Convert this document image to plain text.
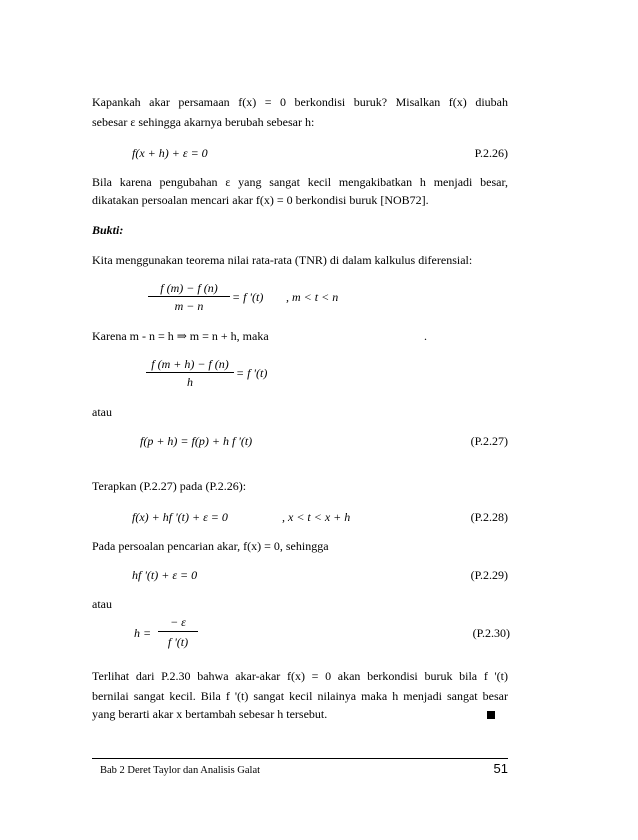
Kapankah akar persamaan f(x) = 0 berkondisi buruk? Misalkan f(x) diubah
sebesar ε sehingga akarnya berubah sebesar h:
f(x + h) + ε = 0	P.2.26)
Bila karena pengubahan ε yang sangat kecil mengakibatkan h menjadi besar,
dikatakan persoalan mencari akar f(x) = 0 berkondisi buruk [NOB72].
Bukti:
Kita menggunakan teorema nilai rata-rata (TNR) di dalam kalkulus diferensial:
f (m) − f (n)
m − n
= f '(t) , m < t < n
Karena m - n = h ⇒ m = n + h, maka	.
f (m + h) − f (n)
h
= f '(t)
atau
f(p + h) = f(p) + h f '(t)	(P.2.27)
Terapkan (P.2.27) pada (P.2.26):
f(x) + hf '(t) + ε = 0	, x < t < x + h	(P.2.28)
Pada persoalan pencarian akar, f(x) = 0, sehingga
hf '(t) + ε = 0	(P.2.29)
atau
h =
− ε
f '(t)
(P.2.30)
Terlihat dari P.2.30 bahwa akar-akar f(x) = 0 akan berkondisi buruk bila f '(t)
bernilai sangat kecil. Bila f '(t) sangat kecil nilainya maka h menjadi sangat besar
yang berarti akar x bertambah sebesar h tersebut.
Bab 2 Deret Taylor dan Analisis Galat	51
